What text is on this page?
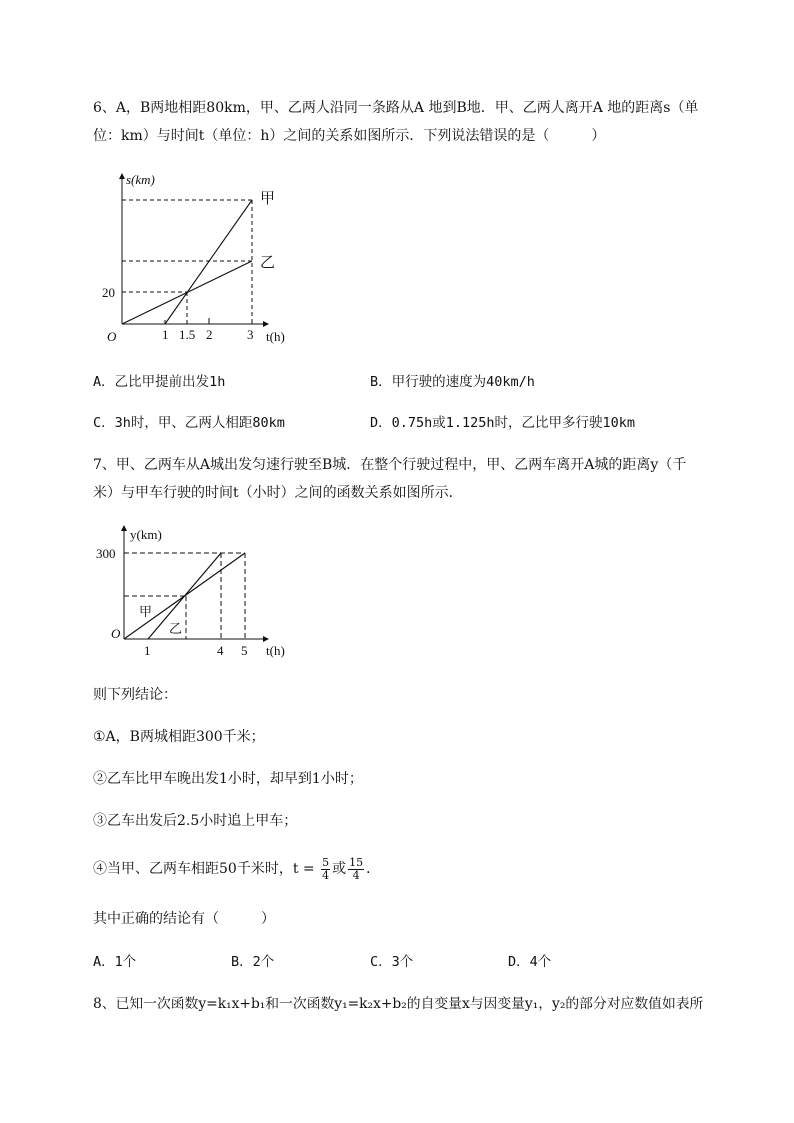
6、A，B两地相距80km，甲、乙两人沿同一条路从A 地到B地．甲、乙两人离开A 地的距离s（单
位：km）与时间t（单位：h）之间的关系如图所示．下列说法错误的是（　　　）
s(km)
t(h)
O
20
1 1.5 2	3
甲
乙
A．乙比甲提前出发1h	B．甲行驶的速度为40km/h
C．3h时，甲、乙两人相距80km	D．0.75h或1.125h时，乙比甲多行驶10km
7、甲、乙两车从A城出发匀速行驶至B城．在整个行驶过程中，甲、乙两车离开A城的距离y（千
米）与甲车行驶的时间t（小时）之间的函数关系如图所示．
y(km)
300
O
1	4 5 t(h)
甲
乙
则下列结论：
①A，B两城相距300千米；
②乙车比甲车晚出发1小时，却早到1小时；
③乙车出发后2.5小时追上甲车；
④当甲、乙两车相距50千米时，$t = \frac{5}{4}$ 或 $\frac{15}{4}$ ．
其中正确的结论有（　　　）
A．1个	B．2个	C．3个	D．4个
8、已知一次函数y=k₁x+b₁和一次函数y₁=k₂x+b₂的自变量x与因变量y₁，y₂的部分对应数值如表所
